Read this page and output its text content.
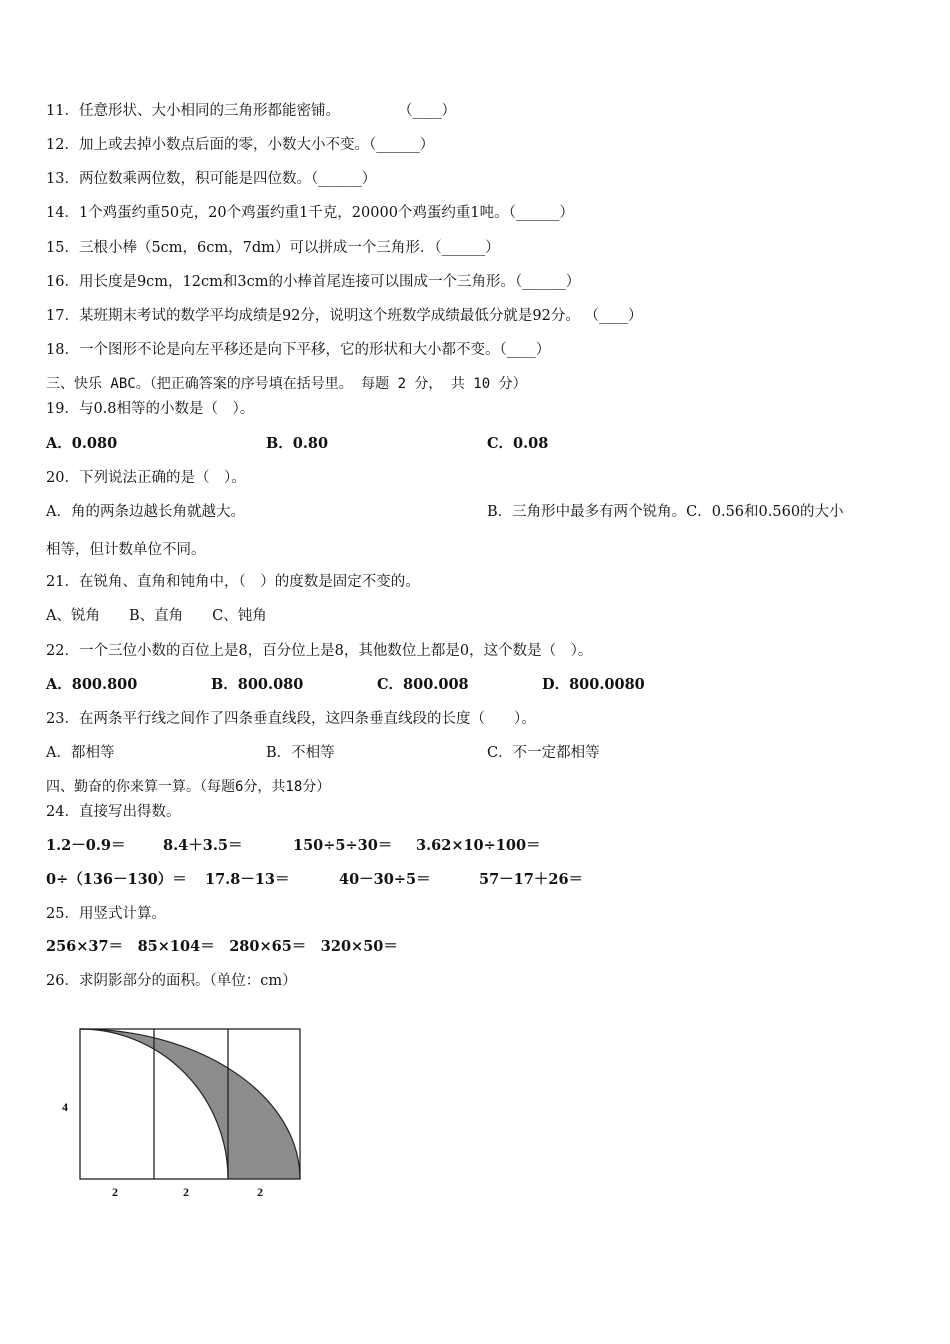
11．任意形状、大小相同的三角形都能密铺。　　　　　（____）
12．加上或去掉小数点后面的零，小数大小不变。（______）
13．两位数乘两位数，积可能是四位数。（______）
14．1个鸡蛋约重50克，20个鸡蛋约重1千克，20000个鸡蛋约重1吨。（______）
15．三根小棒（5cm，6cm，7dm）可以拼成一个三角形．（______）
16．用长度是9cm，12cm和3cm的小棒首尾连接可以围成一个三角形。（______）
17．某班期末考试的数学平均成绩是92分，说明这个班数学成绩最低分就是92分。 （____）
18．一个图形不论是向左平移还是向下平移，它的形状和大小都不变。（____）
三、快乐 ABC。（把正确答案的序号填在括号里。 每题 2 分， 共 10 分）
19．与0.8相等的小数是（　）。
A．0.080	B．0.80	C．0.08
20．下列说法正确的是（　）。
A．角的两条边越长角就越大。	B．三角形中最多有两个锐角。C．0.56和0.560的大小
相等，但计数单位不同。
21．在锐角、直角和钝角中，（　）的度数是固定不变的。
A、锐角　　B、直角　　C、钝角
22．一个三位小数的百位上是8，百分位上是8，其他数位上都是0，这个数是（　）。
A．800.800	B．800.080	C．800.008	D．800.0080
23．在两条平行线之间作了四条垂直线段，这四条垂直线段的长度（　　）。
A．都相等	B．不相等	C．不一定都相等
四、勤奋的你来算一算。（每题6分，共18分）
24．直接写出得数。
1.2－0.9＝	8.4＋3.5＝	150÷5÷30＝ 3.62×10÷100＝
0÷（136－130）＝ 17.8－13＝	40－30÷5＝	57－17＋26＝
25．用竖式计算。
256×37＝　85×104＝　280×65＝　320×50＝
26．求阴影部分的面积。（单位：cm）
4
2	2	2
